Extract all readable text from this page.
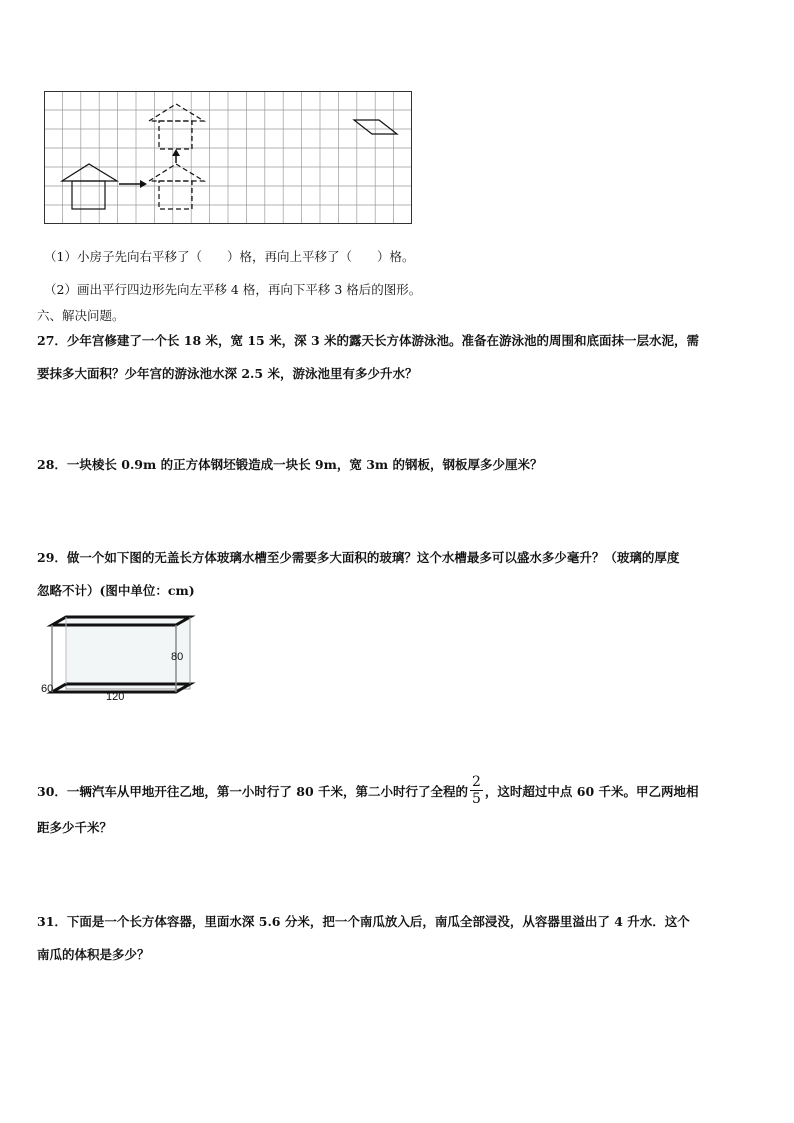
（1）小房子先向右平移了（　　）格，再向上平移了（　　）格。
（2）画出平行四边形先向左平移 4 格，再向下平移 3 格后的图形。
六、解决问题。
27．少年宫修建了一个长 18 米，宽 15 米，深 3 米的露天长方体游泳池。准备在游泳池的周围和底面抹一层水泥，需
要抹多大面积？少年宫的游泳池水深 2.5 米，游泳池里有多少升水？
28．一块棱长 0.9m 的正方体钢坯锻造成一块长 9m，宽 3m 的钢板，钢板厚多少厘米？
29．做一个如下图的无盖长方体玻璃水槽至少需要多大面积的玻璃？这个水槽最多可以盛水多少毫升？（玻璃的厚度
忽略不计）(图中单位：cm)
80
60
120
30．一辆汽车从甲地开往乙地，第一小时行了 80 千米，第二小时行了全程的 $\frac{2}{5}$ ，这时超过中点 60 千米。甲乙两地相
距多少千米？
31．下面是一个长方体容器，里面水深 5.6 分米，把一个南瓜放入后，南瓜全部浸没，从容器里溢出了 4 升水．这个
南瓜的体积是多少？
